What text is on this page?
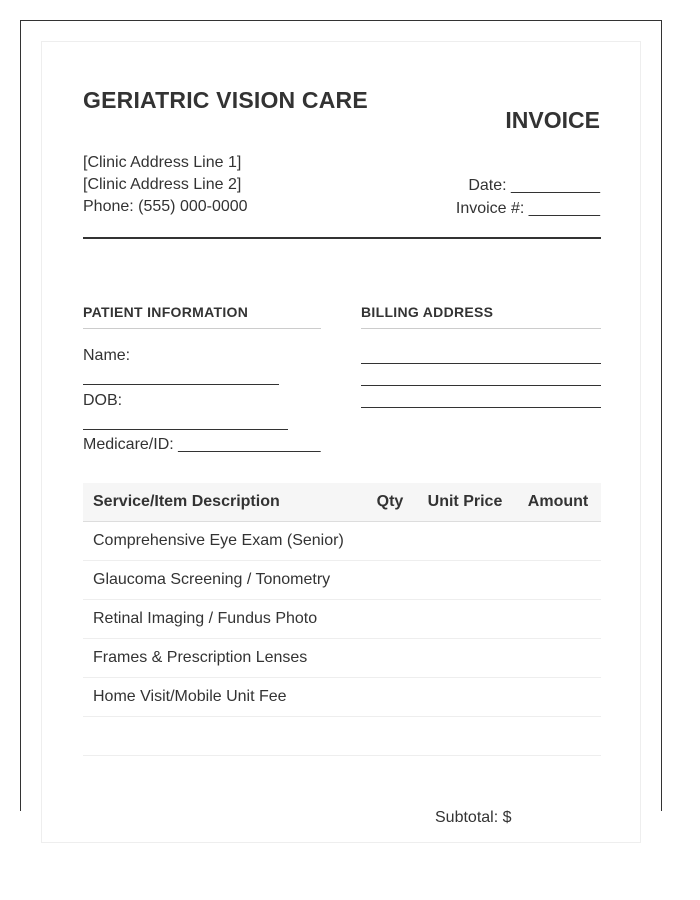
GERIATRIC VISION CARE
[Clinic Address Line 1]
[Clinic Address Line 2]
Phone: (555) 000-0000
INVOICE
Date: __________
Invoice #: ________
PATIENT INFORMATION
Name:
DOB:
Medicare/ID: ________________
BILLING ADDRESS
Service/Item Description	Qty	Unit Price	Amount
Comprehensive Eye Exam (Senior)			
Glaucoma Screening / Tonometry			
Retinal Imaging / Fundus Photo			
Frames & Prescription Lenses			
Home Visit/Mobile Unit Fee			

Subtotal: $
